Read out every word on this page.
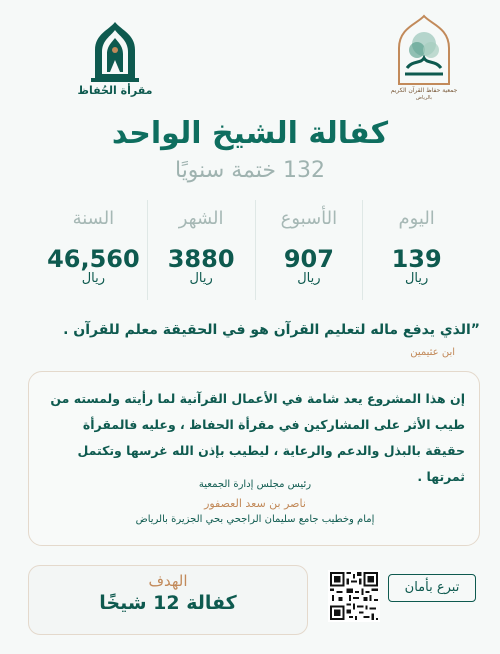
مقرأة الحُفاظ	جمعية حفاظ القرآن الكريم
بالرياض
كفالة الشيخ الواحد
132 ختمة سنويًا
اليوم
139
ريال
الأسبوع
907
ريال
الشهر
3880
ريال
السنة
46,560
ريال
”الذي يدفع ماله لتعليم القرآن هو في الحقيقة معلم للقرآن .
ابن عثيمين
إن هذا المشروع يعد شامة في الأعمال القرآنية لما رأيته ولمسته من طيب الأثر على المشاركين في مقرأة الحفاظ ، وعليه فالمقرأة حقيقة بالبذل والدعم والرعاية ، ليطيب بإذن الله غرسها وتكتمل ثمرتها .
رئيس مجلس إدارة الجمعية
ناصر بن سعد العصفور
إمام وخطيب جامع سليمان الراجحي بحي الجزيرة بالرياض
الهدف
كفالة 12 شيخًا
تبرع بأمان
